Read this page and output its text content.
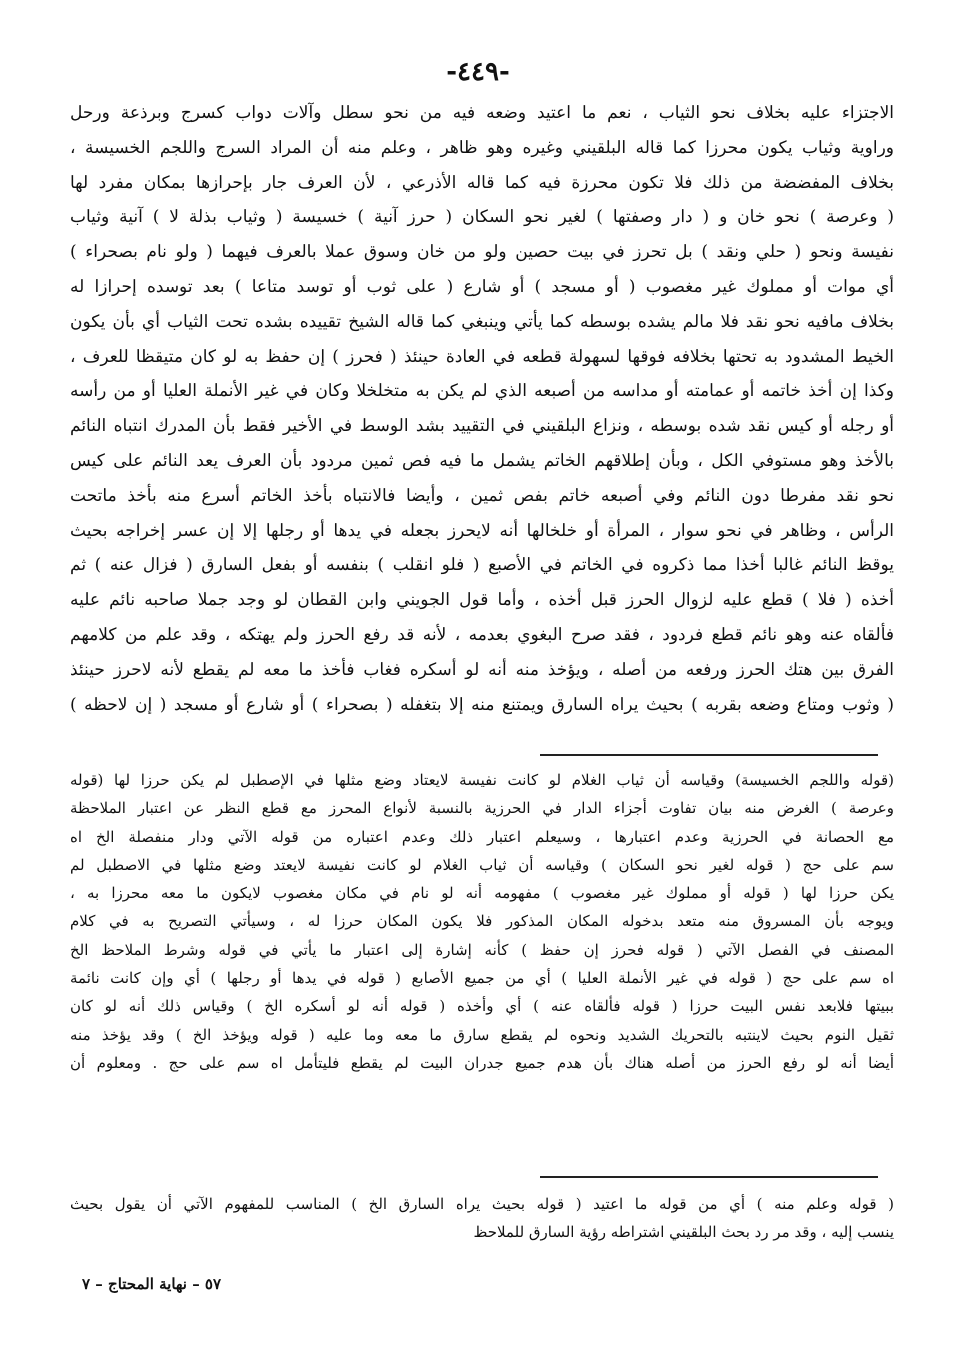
-٤٤٩-
الاجتزاء عليه بخلاف نحو الثياب ، نعم ما اعتيد وضعه فيه من نحو سطل وآلات دواب كسرج وبرذعة ورحل
وراوية وثياب يكون محرزا كما قاله البلقيني وغيره وهو ظاهر ، وعلم منه أن المراد السرج واللجم الخسيسة ،
بخلاف المفضضة من ذلك فلا تكون محرزة فيه كما قاله الأذرعي ، لأن العرف جار بإحرازها بمكان مفرد لها
( وعرصة ) نحو خان و ( دار وصفتها ) لغير نحو السكان ( حرز آنية ) خسيسة ( وثياب بذلة لا ) آنية وثياب
نفيسة ونحو ( حلي ونقد ) بل تحرز في بيت حصين ولو من خان وسوق عملا بالعرف فيهما ( ولو نام بصحراء )
أي موات أو مملوك غير مغصوب ( أو مسجد ) أو شارع ( على ثوب أو توسد متاعا ) بعد توسده إحرازا له
بخلاف مافيه نحو نقد فلا مالم يشده بوسطه كما يأتي وينبغي كما قاله الشيخ تقييده بشده تحت الثياب أي بأن يكون
الخيط المشدود به تحتها بخلافه فوقها لسهولة قطعه في العادة حينئذ ( فحرز ) إن حفظ به لو كان متيقظا للعرف ،
وكذا إن أخذ خاتمه أو عمامته أو مداسه من أصبعه الذي لم يكن به متخلخلا وكان في غير الأنملة العليا أو من رأسه
أو رجله أو كيس نقد شده بوسطه ، ونزاع البلقيني في التقييد بشد الوسط في الأخير فقط بأن المدرك انتباه النائم
بالأخذ وهو مستوفي الكل ، وبأن إطلاقهم الخاتم يشمل ما فيه فص ثمين مردود بأن العرف يعد النائم على كيس
نحو نقد مفرطا دون النائم وفي أصبعه خاتم بفص ثمين ، وأيضا فالانتباه بأخذ الخاتم أسرع منه بأخذ ماتحت
الرأس ، وظاهر في نحو سوار ، المرأة أو خلخالها أنه لايحرز بجعله في يدها أو رجلها إلا إن عسر إخراجه بحيث
يوقظ النائم غالبا أخذا مما ذكروه في الخاتم في الأصبع ( فلو انقلب ) بنفسه أو بفعل السارق ( فزال عنه ) ثم
أخذه ( فلا ) قطع عليه لزوال الحرز قبل أخذه ، وأما قول الجويني وابن القطان لو وجد جملا صاحبه نائم عليه
فألقاه عنه وهو نائم قطع فردود ، فقد صرح البغوي بعدمه ، لأنه قد رفع الحرز ولم يهتكه ، وقد علم من كلامهم
الفرق بين هتك الحرز ورفعه من أصله ، ويؤخذ منه أنه لو أسكره فغاب فأخذ ما معه لم يقطع لأنه لاحرز حينئذ
( وثوب ومتاع وضعه بقربه ) بحيث يراه السارق ويمتنع منه إلا بتغفله ( بصحراء ) أو شارع أو مسجد ( إن لاحظه )
(قوله واللجم الخسيسة) وقياسه أن ثياب الغلام لو كانت نفيسة لايعتاد وضع مثلها في الإصطبل لم يكن حرزا لها (قوله
وعرصة ) الغرض منه بيان تفاوت أجزاء الدار في الحرزية بالنسبة لأنواع المحرز مع قطع النظر عن اعتبار الملاحظة
مع الحصانة في الحرزية وعدم اعتبارها ، وسيعلم اعتبار ذلك وعدم اعتباره من قوله الآتي ودار منفصلة الخ اه
سم على حج ( قوله لغير نحو السكان ) وقياسه أن ثياب الغلام لو كانت نفيسة لايعتد وضع مثلها في الاصطبل لم
يكن حرزا لها ( قوله أو مملوك غير مغصوب ) مفهومه أنه لو نام في مكان مغصوب لايكون ما معه محرزا به ،
ويوجه بأن المسروق منه متعد بدخوله المكان المذكور فلا يكون المكان حرزا له ، وسيأتي التصريح به في كلام
المصنف في الفصل الآتي ( قوله فحرز إن حفظ ) كأنه إشارة إلى اعتبار ما يأتي في قوله وشرط الملاحظ الخ
اه سم على حج ( قوله في غير الأنملة العليا ) أي من جميع الأصابع ( قوله في يدها أو رجلها ) أي وإن كانت نائمة
ببيتها فلابعد نفس البيت حرزا ( قوله فألقاه عنه ) أي وأخذه ( قوله أنه لو أسكره الخ ) وقياس ذلك أنه لو كان
ثقيل النوم بحيث لاينتبه بالتحريك الشديد ونحوه لم يقطع سارق ما معه وما عليه ( قوله ويؤخذ الخ ) وقد يؤخذ منه
أيضا أنه لو رفع الحرز من أصله هناك بأن هدم جميع جدران البيت لم يقطع فليتأمل اه سم على حج . ومعلوم أن
( قوله وعلم منه ) أي من قوله ما اعتيد ( قوله بحيث يراه السارق الخ ) المناسب للمفهوم الآتي أن يقول بحيث
ينسب إليه ، وقد مر رد بحث البلقيني اشتراطه رؤية السارق للملاحظ
٥٧ – نهاية المحتاج – ٧
